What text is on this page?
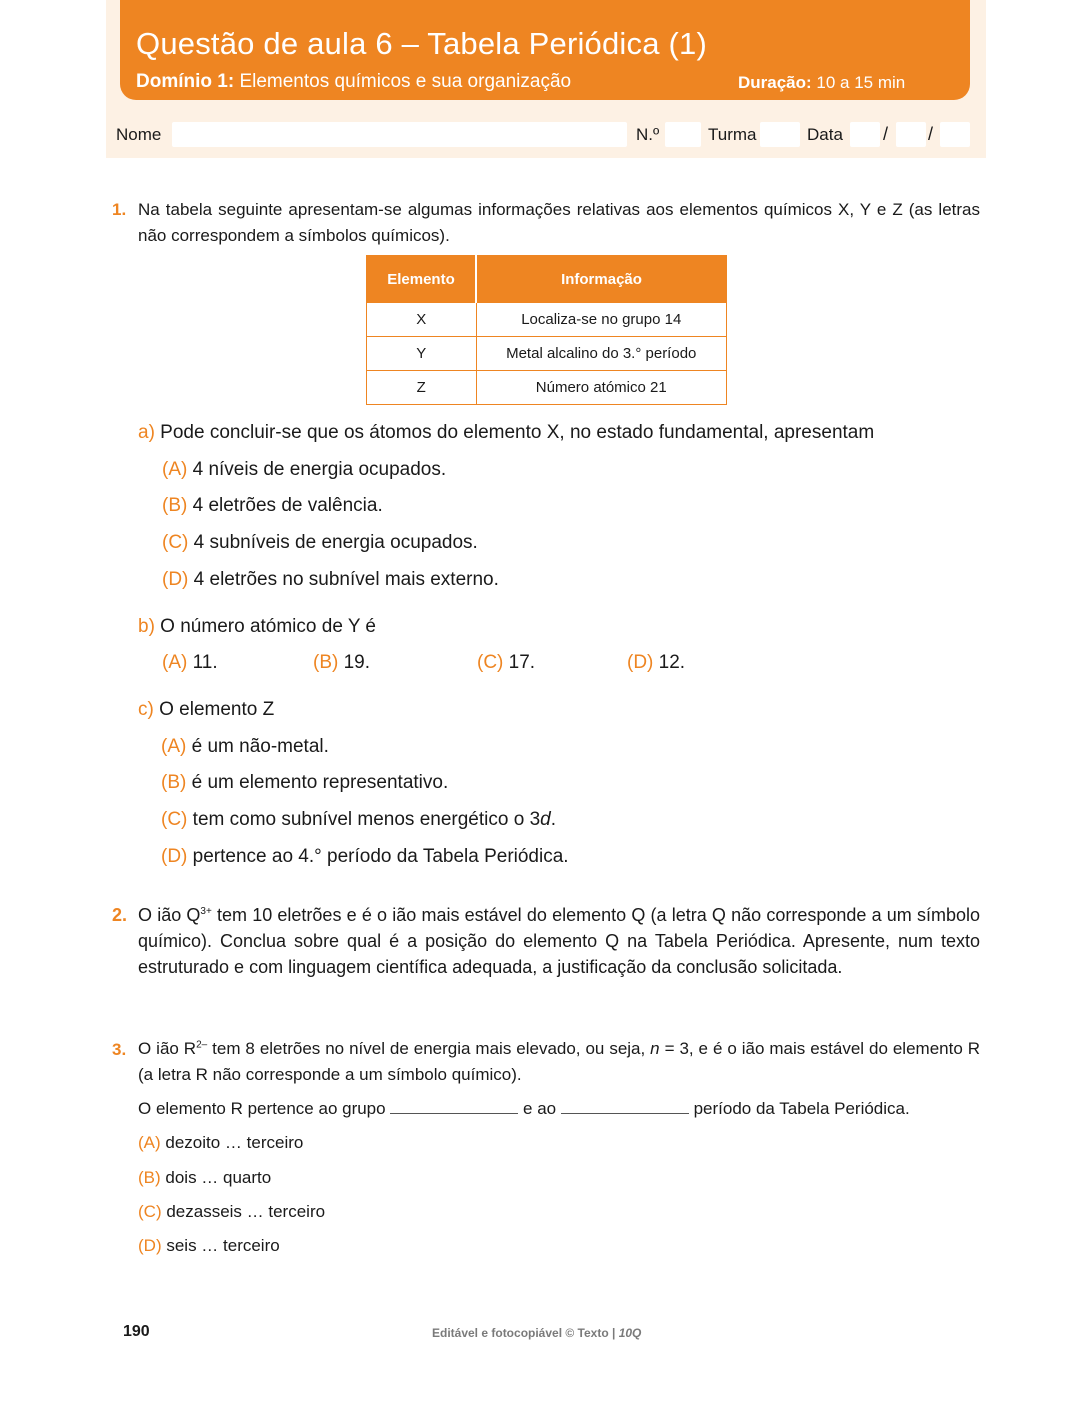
Questão de aula 6 – Tabela Periódica (1)
Domínio 1: Elementos químicos e sua organização	Duração: 10 a 15 min
Nome	N.º	Turma	Data / /
1. Na tabela seguinte apresentam-se algumas informações relativas aos elementos químicos X, Y e Z (as letras não correspondem a símbolos químicos).
Elemento	Informação
X	Localiza-se no grupo 14
Y	Metal alcalino do 3.° período
Z	Número atómico 21
a) Pode concluir-se que os átomos do elemento X, no estado fundamental, apresentam
(A) 4 níveis de energia ocupados.
(B) 4 eletrões de valência.
(C) 4 subníveis de energia ocupados.
(D) 4 eletrões no subnível mais externo.
b) O número atómico de Y é
(A) 11.	(B) 19.	(C) 17.	(D) 12.
c) O elemento Z
(A) é um não-metal.
(B) é um elemento representativo.
(C) tem como subnível menos energético o 3d.
(D) pertence ao 4.° período da Tabela Periódica.
2. O ião $Q^{3+}$ tem 10 eletrões e é o ião mais estável do elemento Q (a letra Q não corresponde a um símbolo químico). Conclua sobre qual é a posição do elemento Q na Tabela Periódica. Apresente, num texto estruturado e com linguagem científica adequada, a justificação da conclusão solicitada.
3. O ião $R^{2-}$ tem 8 eletrões no nível de energia mais elevado, ou seja, n = 3, e é o ião mais estável do elemento R (a letra R não corresponde a um símbolo químico).
O elemento R pertence ao grupo	e ao	período da Tabela Periódica.
(A) dezoito … terceiro
(B) dois … quarto
(C) dezasseis … terceiro
(D) seis … terceiro
190	Editável e fotocopiável © Texto | 10Q
